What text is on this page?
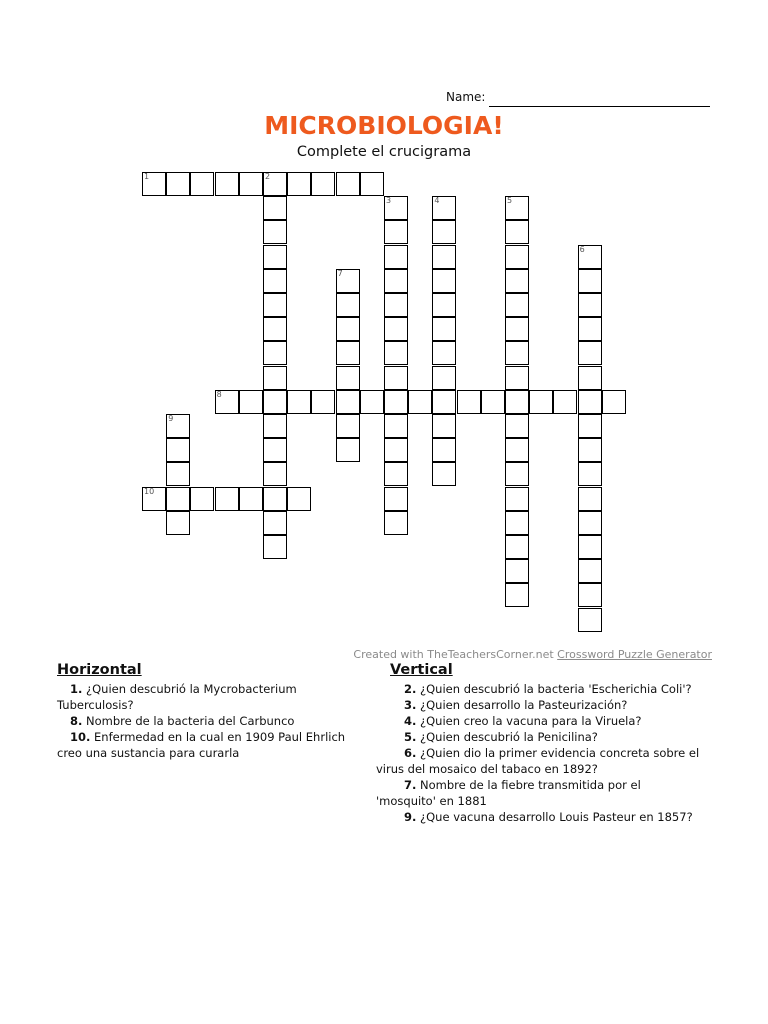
Name:
MICROBIOLOGIA!
Complete el crucigrama
1	2
3	4	5
6
7
8
9
10
Created with TheTeachersCorner.net Crossword Puzzle Generator
Horizontal
1. ¿Quien descubrió la Mycrobacterium
Tuberculosis?
8. Nombre de la bacteria del Carbunco
10. Enfermedad en la cual en 1909 Paul Ehrlich
creo una sustancia para curarla
Vertical
2. ¿Quien descubrió la bacteria 'Escherichia Coli'?
3. ¿Quien desarrollo la Pasteurización?
4. ¿Quien creo la vacuna para la Viruela?
5. ¿Quien descubrió la Penicilina?
6. ¿Quien dio la primer evidencia concreta sobre el
virus del mosaico del tabaco en 1892?
7. Nombre de la fiebre transmitida por el
'mosquito' en 1881
9. ¿Que vacuna desarrollo Louis Pasteur en 1857?
